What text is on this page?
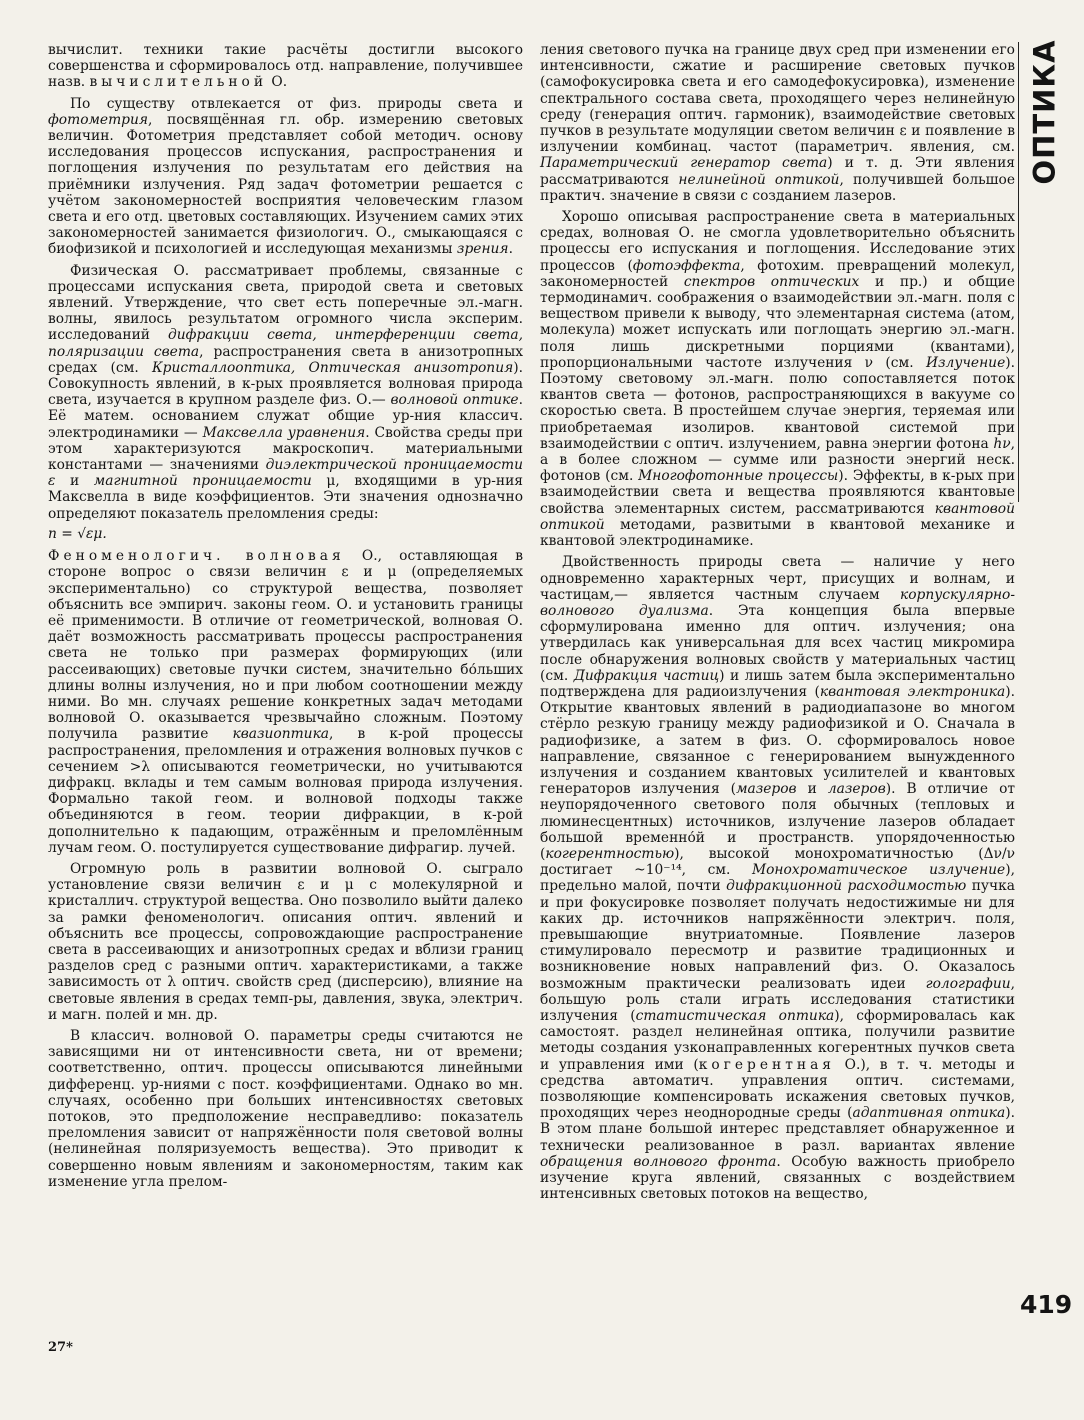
ОПТИКА
419
27*

вычислит. техники такие расчёты достигли высокого совершенства и сформировалось отд. направление, получившее назв. вычислительной О.

По существу отвлекается от физ. природы света и фотометрия, посвящённая гл. обр. измерению световых величин. Фотометрия представляет собой методич. основу исследования процессов испускания, распространения и поглощения излучения по результатам его действия на приёмники излучения. Ряд задач фотометрии решается с учётом закономерностей восприятия человеческим глазом света и его отд. цветовых составляющих. Изучением самих этих закономерностей занимается физиологич. О., смыкающаяся с биофизикой и психологией и исследующая механизмы зрения.

Физическая О. рассматривает проблемы, связанные с процессами испускания света, природой света и световых явлений. Утверждение, что свет есть поперечные эл.-магн. волны, явилось результатом огромного числа эксперим. исследований дифракции света, интерференции света, поляризации света, распространения света в анизотропных средах (см. Кристаллооптика, Оптическая анизотропия). Совокупность явлений, в к-рых проявляется волновая природа света, изучается в крупном разделе физ. О.— волновой оптике. Её матем. основанием служат общие ур-ния классич. электродинамики — Максвелла уравнения. Свойства среды при этом характеризуются макроскопич. материальными константами — значениями диэлектрической проницаемости ε и магнитной проницаемости μ, входящими в ур-ния Максвелла в виде коэффициентов. Эти значения однозначно определяют показатель преломления среды:

n = √εμ.

Феноменологич. волновая О., оставляющая в стороне вопрос о связи величин ε и μ (определяемых экспериментально) со структурой вещества, позволяет объяснить все эмпирич. законы геом. О. и установить границы её применимости. В отличие от геометрической, волновая О. даёт возможность рассматривать процессы распространения света не только при размерах формирующих (или рассеивающих) световые пучки систем, значительно бо́льших длины волны излучения, но и при любом соотношении между ними. Во мн. случаях решение конкретных задач методами волновой О. оказывается чрезвычайно сложным. Поэтому получила развитие квазиоптика, в к-рой процессы распространения, преломления и отражения волновых пучков с сечением >λ описываются геометрически, но учитываются дифракц. вклады и тем самым волновая природа излучения. Формально такой геом. и волновой подходы также объединяются в геом. теории дифракции, в к-рой дополнительно к падающим, отражённым и преломлённым лучам геом. О. постулируется существование дифрагир. лучей.

Огромную роль в развитии волновой О. сыграло установление связи величин ε и μ с молекулярной и кристаллич. структурой вещества. Оно позволило выйти далеко за рамки феноменологич. описания оптич. явлений и объяснить все процессы, сопровождающие распространение света в рассеивающих и анизотропных средах и вблизи границ разделов сред с разными оптич. характеристиками, а также зависимость от λ оптич. свойств сред (дисперсию), влияние на световые явления в средах темп-ры, давления, звука, электрич. и магн. полей и мн. др.

В классич. волновой О. параметры среды считаются не зависящими ни от интенсивности света, ни от времени; соответственно, оптич. процессы описываются линейными дифференц. ур-ниями с пост. коэффициентами. Однако во мн. случаях, особенно при больших интенсивностях световых потоков, это предположение несправедливо: показатель преломления зависит от напряжённости поля световой волны (нелинейная поляризуемость вещества). Это приводит к совершенно новым явлениям и закономерностям, таким как изменение угла прелом-

ления светового пучка на границе двух сред при изменении его интенсивности, сжатие и расширение световых пучков (самофокусировка света и его самодефокусировка), изменение спектрального состава света, проходящего через нелинейную среду (генерация оптич. гармоник), взаимодействие световых пучков в результате модуляции светом величин ε и появление в излучении комбинац. частот (параметрич. явления, см. Параметрический генератор света) и т. д. Эти явления рассматриваются нелинейной оптикой, получившей большое практич. значение в связи с созданием лазеров.

Хорошо описывая распространение света в материальных средах, волновая О. не смогла удовлетворительно объяснить процессы его испускания и поглощения. Исследование этих процессов (фотоэффекта, фотохим. превращений молекул, закономерностей спектров оптических и пр.) и общие термодинамич. соображения о взаимодействии эл.-магн. поля с веществом привели к выводу, что элементарная система (атом, молекула) может испускать или поглощать энергию эл.-магн. поля лишь дискретными порциями (квантами), пропорциональными частоте излучения ν (см. Излучение). Поэтому световому эл.-магн. полю сопоставляется поток квантов света — фотонов, распространяющихся в вакууме со скоростью света. В простейшем случае энергия, теряемая или приобретаемая изолиров. квантовой системой при взаимодействии с оптич. излучением, равна энергии фотона hν, а в более сложном — сумме или разности энергий неск. фотонов (см. Многофотонные процессы). Эффекты, в к-рых при взаимодействии света и вещества проявляются квантовые свойства элементарных систем, рассматриваются квантовой оптикой методами, развитыми в квантовой механике и квантовой электродинамике.

Двойственность природы света — наличие у него одновременно характерных черт, присущих и волнам, и частицам,— является частным случаем корпускулярно-волнового дуализма. Эта концепция была впервые сформулирована именно для оптич. излучения; она утвердилась как универсальная для всех частиц микромира после обнаружения волновых свойств у материальных частиц (см. Дифракция частиц) и лишь затем была экспериментально подтверждена для радиоизлучения (квантовая электроника). Открытие квантовых явлений в радиодиапазоне во многом стёрло резкую границу между радиофизикой и О. Сначала в радиофизике, а затем в физ. О. сформировалось новое направление, связанное с генерированием вынужденного излучения и созданием квантовых усилителей и квантовых генераторов излучения (мазеров и лазеров). В отличие от неупорядоченного светового поля обычных (тепловых и люминесцентных) источников, излучение лазеров обладает большой временно́й и пространств. упорядоченностью (когерентностью), высокой монохроматичностью (Δν/ν достигает ~10⁻¹⁴, см. Монохроматическое излучение), предельно малой, почти дифракционной расходимостью пучка и при фокусировке позволяет получать недостижимые ни для каких др. источников напряжённости электрич. поля, превышающие внутриатомные. Появление лазеров стимулировало пересмотр и развитие традиционных и возникновение новых направлений физ. О. Оказалось возможным практически реализовать идеи голографии, большую роль стали играть исследования статистики излучения (статистическая оптика), сформировалась как самостоят. раздел нелинейная оптика, получили развитие методы создания узконаправленных когерентных пучков света и управления ими (когерентная О.), в т. ч. методы и средства автоматич. управления оптич. системами, позволяющие компенсировать искажения световых пучков, проходящих через неоднородные среды (адаптивная оптика). В этом плане большой интерес представляет обнаруженное и технически реализованное в разл. вариантах явление обращения волнового фронта. Особую важность приобрело изучение круга явлений, связанных с воздействием интенсивных световых потоков на вещество,
